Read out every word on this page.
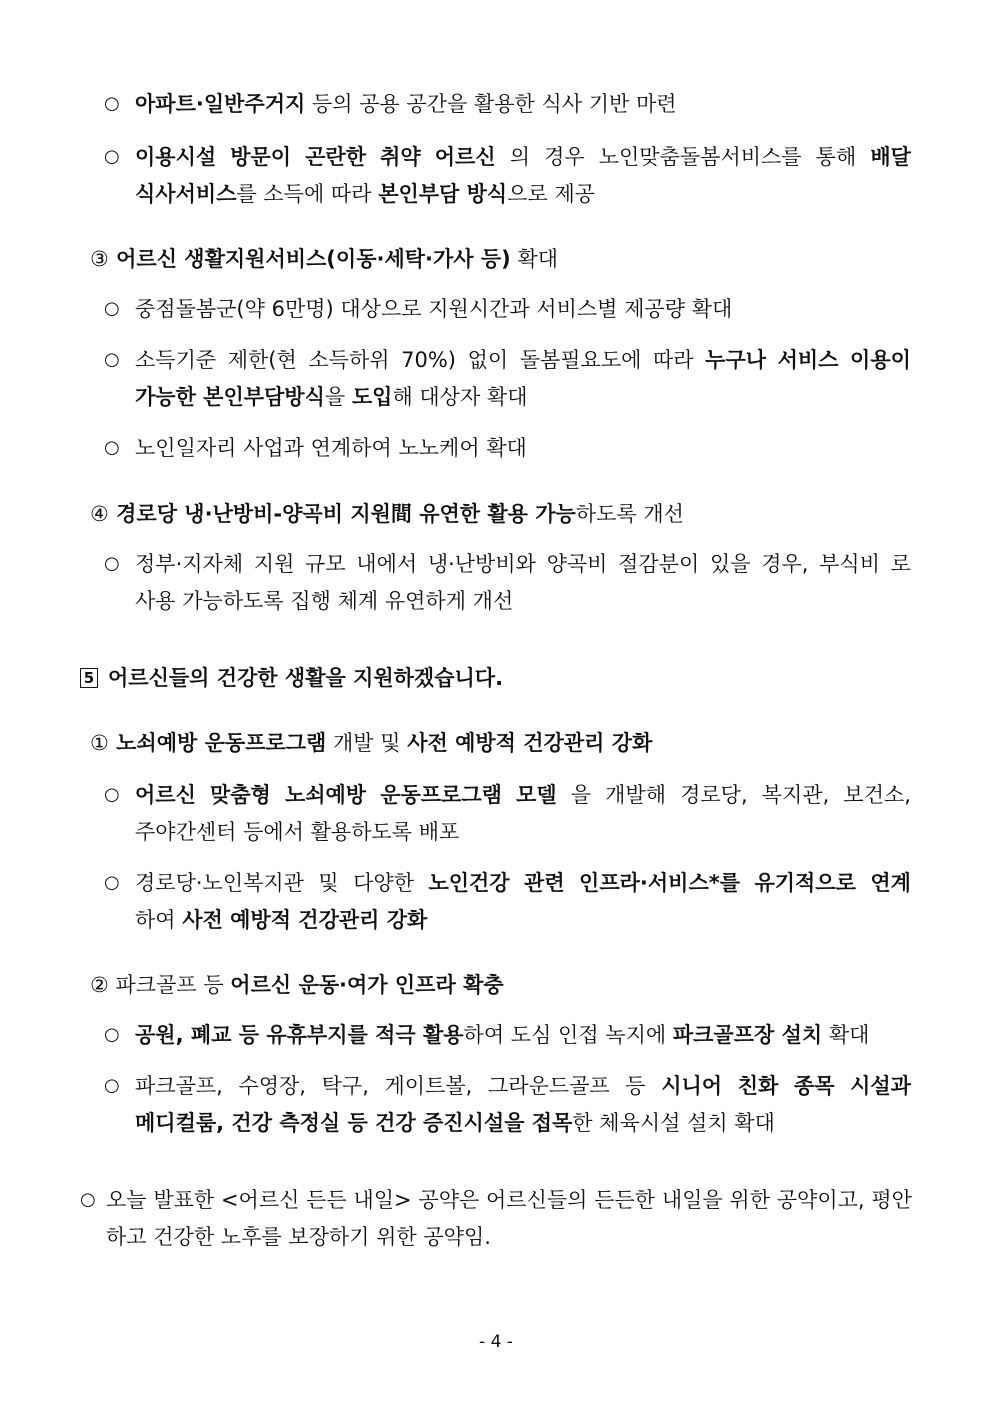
○ 아파트·일반주거지 등의 공용 공간을 활용한 식사 기반 마련
○ 이용시설 방문이 곤란한 취약 어르신 의 경우 노인맞춤돌봄서비스를 통해 배달
식사서비스를 소득에 따라 본인부담 방식으로 제공
③ 어르신 생활지원서비스(이동·세탁·가사 등) 확대
○ 중점돌봄군(약 6만명) 대상으로 지원시간과 서비스별 제공량 확대
○ 소득기준 제한(현 소득하위 70%) 없이 돌봄필요도에 따라 누구나 서비스 이용이
가능한 본인부담방식을 도입해 대상자 확대
○ 노인일자리 사업과 연계하여 노노케어 확대
④ 경로당 냉·난방비-양곡비 지원間 유연한 활용 가능하도록 개선
○ 정부·지자체 지원 규모 내에서 냉·난방비와 양곡비 절감분이 있을 경우, 부식비 로
사용 가능하도록 집행 체계 유연하게 개선
5 어르신들의 건강한 생활을 지원하겠습니다.
① 노쇠예방 운동프로그램 개발 및 사전 예방적 건강관리 강화
○ 어르신 맞춤형 노쇠예방 운동프로그램 모델 을 개발해 경로당, 복지관, 보건소,
주야간센터 등에서 활용하도록 배포
○ 경로당·노인복지관 및 다양한 노인건강 관련 인프라·서비스*를 유기적으로 연계
하여 사전 예방적 건강관리 강화
② 파크골프 등 어르신 운동·여가 인프라 확충
○ 공원, 폐교 등 유휴부지를 적극 활용하여 도심 인접 녹지에 파크골프장 설치 확대
○ 파크골프, 수영장, 탁구, 게이트볼, 그라운드골프 등 시니어 친화 종목 시설과
메디컬룸, 건강 측정실 등 건강 증진시설을 접목한 체육시설 설치 확대
○ 오늘 발표한 <어르신 든든 내일> 공약은 어르신들의 든든한 내일을 위한 공약이고, 평안
하고 건강한 노후를 보장하기 위한 공약임.
- 4 -
